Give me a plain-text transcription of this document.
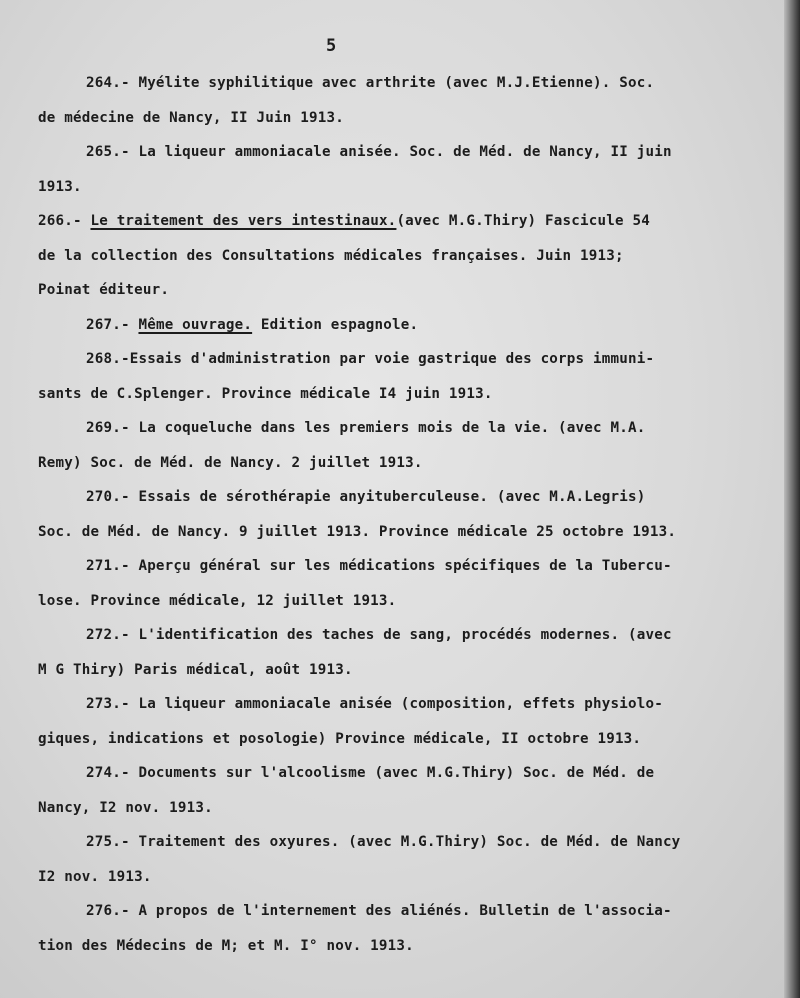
5

264.- Myélite syphilitique avec arthrite (avec M.J.Etienne). Soc.

de médecine de Nancy, II Juin 1913.

265.- La liqueur ammoniacale anisée. Soc. de Méd. de Nancy, II juin

1913.

266.- Le traitement des vers intestinaux.(avec M.G.Thiry) Fascicule 54

de la collection des Consultations médicales françaises. Juin 1913;

Poinat éditeur.

267.- Même ouvrage. Edition espagnole.

268.-Essais d'administration par voie gastrique des corps immuni-

sants de C.Splenger. Province médicale I4 juin 1913.

269.- La coqueluche dans les premiers mois de la vie. (avec M.A.

Remy) Soc. de Méd. de Nancy. 2 juillet 1913.

270.- Essais de sérothérapie anyituberculeuse. (avec M.A.Legris)

Soc. de Méd. de Nancy. 9 juillet 1913. Province médicale 25 octobre 1913.

271.- Aperçu général sur les médications spécifiques de la Tubercu-

lose. Province médicale, 12 juillet 1913.

272.- L'identification des taches de sang, procédés modernes. (avec

M G Thiry) Paris médical, août 1913.

273.- La liqueur ammoniacale anisée (composition, effets physiolo-

giques, indications et posologie) Province médicale, II octobre 1913.

274.- Documents sur l'alcoolisme (avec M.G.Thiry) Soc. de Méd. de

Nancy, I2 nov. 1913.

275.- Traitement des oxyures. (avec M.G.Thiry) Soc. de Méd. de Nancy

I2 nov. 1913.

276.- A propos de l'internement des aliénés. Bulletin de l'associa-

tion des Médecins de M; et M. I° nov. 1913.
